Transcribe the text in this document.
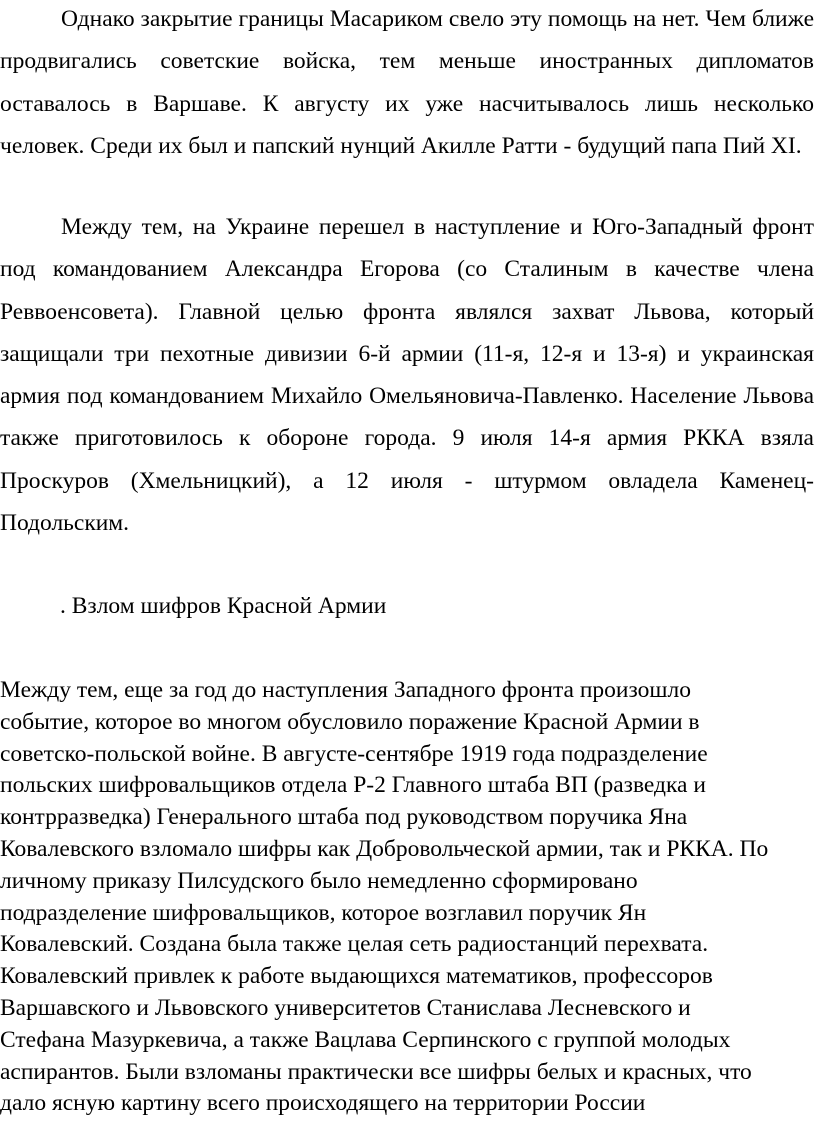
Однако закрытие границы Масариком свело эту помощь на нет. Чем ближе продвигались советские войска, тем меньше иностранных дипломатов оставалось в Варшаве. К августу их уже насчитывалось лишь несколько человек. Среди их был и папский нунций Акилле Ратти - будущий папа Пий XI.

Между тем, на Украине перешел в наступление и Юго-Западный фронт под командованием Александра Егорова (со Сталиным в качестве члена Реввоенсовета). Главной целью фронта являлся захват Львова, который защищали три пехотные дивизии 6-й армии (11-я, 12-я и 13-я) и украинская армия под командованием Михайло Омельяновича-Павленко. Население Львова также приготовилось к обороне города. 9 июля 14-я армия РККА взяла Проскуров (Хмельницкий), а 12 июля - штурмом овладела Каменец-Подольским.

. Взлом шифров Красной Армии
Между тем, еще за год до наступления Западного фронта произошло
событие, которое во многом обусловило поражение Красной Армии в
советско-польской войне. В августе-сентябре 1919 года подразделение
польских шифровальщиков отдела Р-2 Главного штаба ВП (разведка и
контрразведка) Генерального штаба под руководством поручика Яна
Ковалевского взломало шифры как Добровольческой армии, так и РККА. По
личному приказу Пилсудского было немедленно сформировано
подразделение шифровальщиков, которое возглавил поручик Ян
Ковалевский. Создана была также целая сеть радиостанций перехвата.
Ковалевский привлек к работе выдающихся математиков, профессоров
Варшавского и Львовского университетов Станислава Лесневского и
Стефана Мазуркевича, а также Вацлава Серпинского с группой молодых
аспирантов. Были взломаны практически все шифры белых и красных, что
дало ясную картину всего происходящего на территории России
